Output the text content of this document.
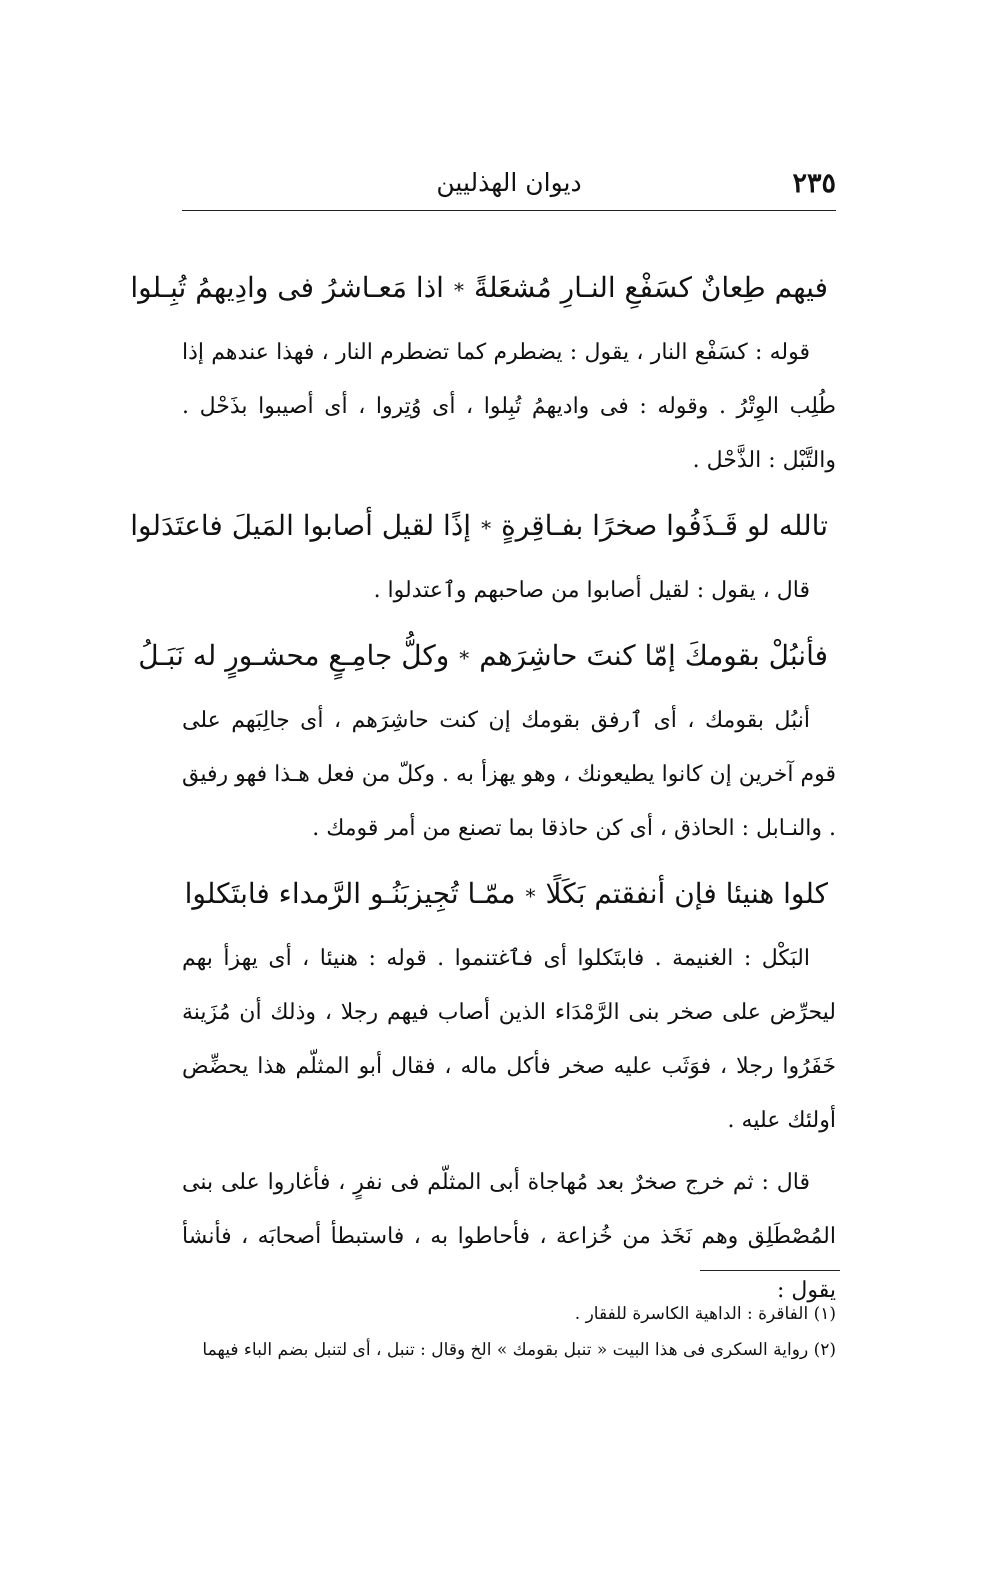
٢٣٥
ديوان الهذليين
فيهم طِعانٌ كسَفْعِ النـارِ مُشعَلةً
*
اذا مَعـاشرُ فى وادِيهمُ تُبِـلوا

قوله : كسَفْع النار ، يقول : يضطرم كما تضطرم النار ، فهذا عندهم إذا طُلِب الوِتْرُ . وقوله : فى واديهمُ تُبِلوا ، أى وُتِروا ، أى أصيبوا بذَحْل . والتَّبْل : الذَّحْل .

تالله لو قَـذَفُوا صخرًا بفـاقِرةٍ
*
إذًا لقيل أصابوا المَيلَ فاعتَدَلوا

قال ، يقول : لقيل أصابوا من صاحبهم وٱعتدلوا .

فأنبُلْ بقومكَ إمّا كنتَ حاشِرَهم
*
وكلُّ جامِـعٍ محشـورٍ له نَبَـلُ

أنبُل بقومك ، أى ٱرفق بقومك إن كنت حاشِرَهم ، أى جالِبَهم على قوم آخرين إن كانوا يطيعونك ، وهو يهزأ به . وكلّ من فعل هـذا فهو رفيق . والنـابل : الحاذق ، أى كن حاذقا بما تصنع من أمر قومك .

كلوا هنيئا فإن أنفقتم بَكَلًا
*
ممّـا تُجِيزبَنُـو الرَّمداء فابتَكلوا

البَكْل : الغنيمة . فابتَكلوا أى فٱغتنموا . قوله : هنيئا ، أى يهزأ بهم ليحرِّض على صخر بنى الرَّمْدَاء الذين أصاب فيهم رجلا ، وذلك أن مُزَينة خَفَرُوا رجلا ، فوَثَب عليه صخر فأكل ماله ، فقال أبو المثلّم هذا يحضِّض أولئك عليه .

قال : ثم خرج صخرٌ بعد مُهاجاة أبى المثلّم فى نفرٍ ، فأغاروا على بنى المُصْطَلِق وهم نَخَذ من خُزاعة ، فأحاطوا به ، فاستبطأ أصحابَه ، فأنشأ يقول :

(١) الفاقرة : الداهية الكاسرة للفقار .
(٢) رواية السكرى فى هذا البيت « تنبل بقومك » الخ وقال : تنبل ، أى لتنبل بضم الباء فيهما
